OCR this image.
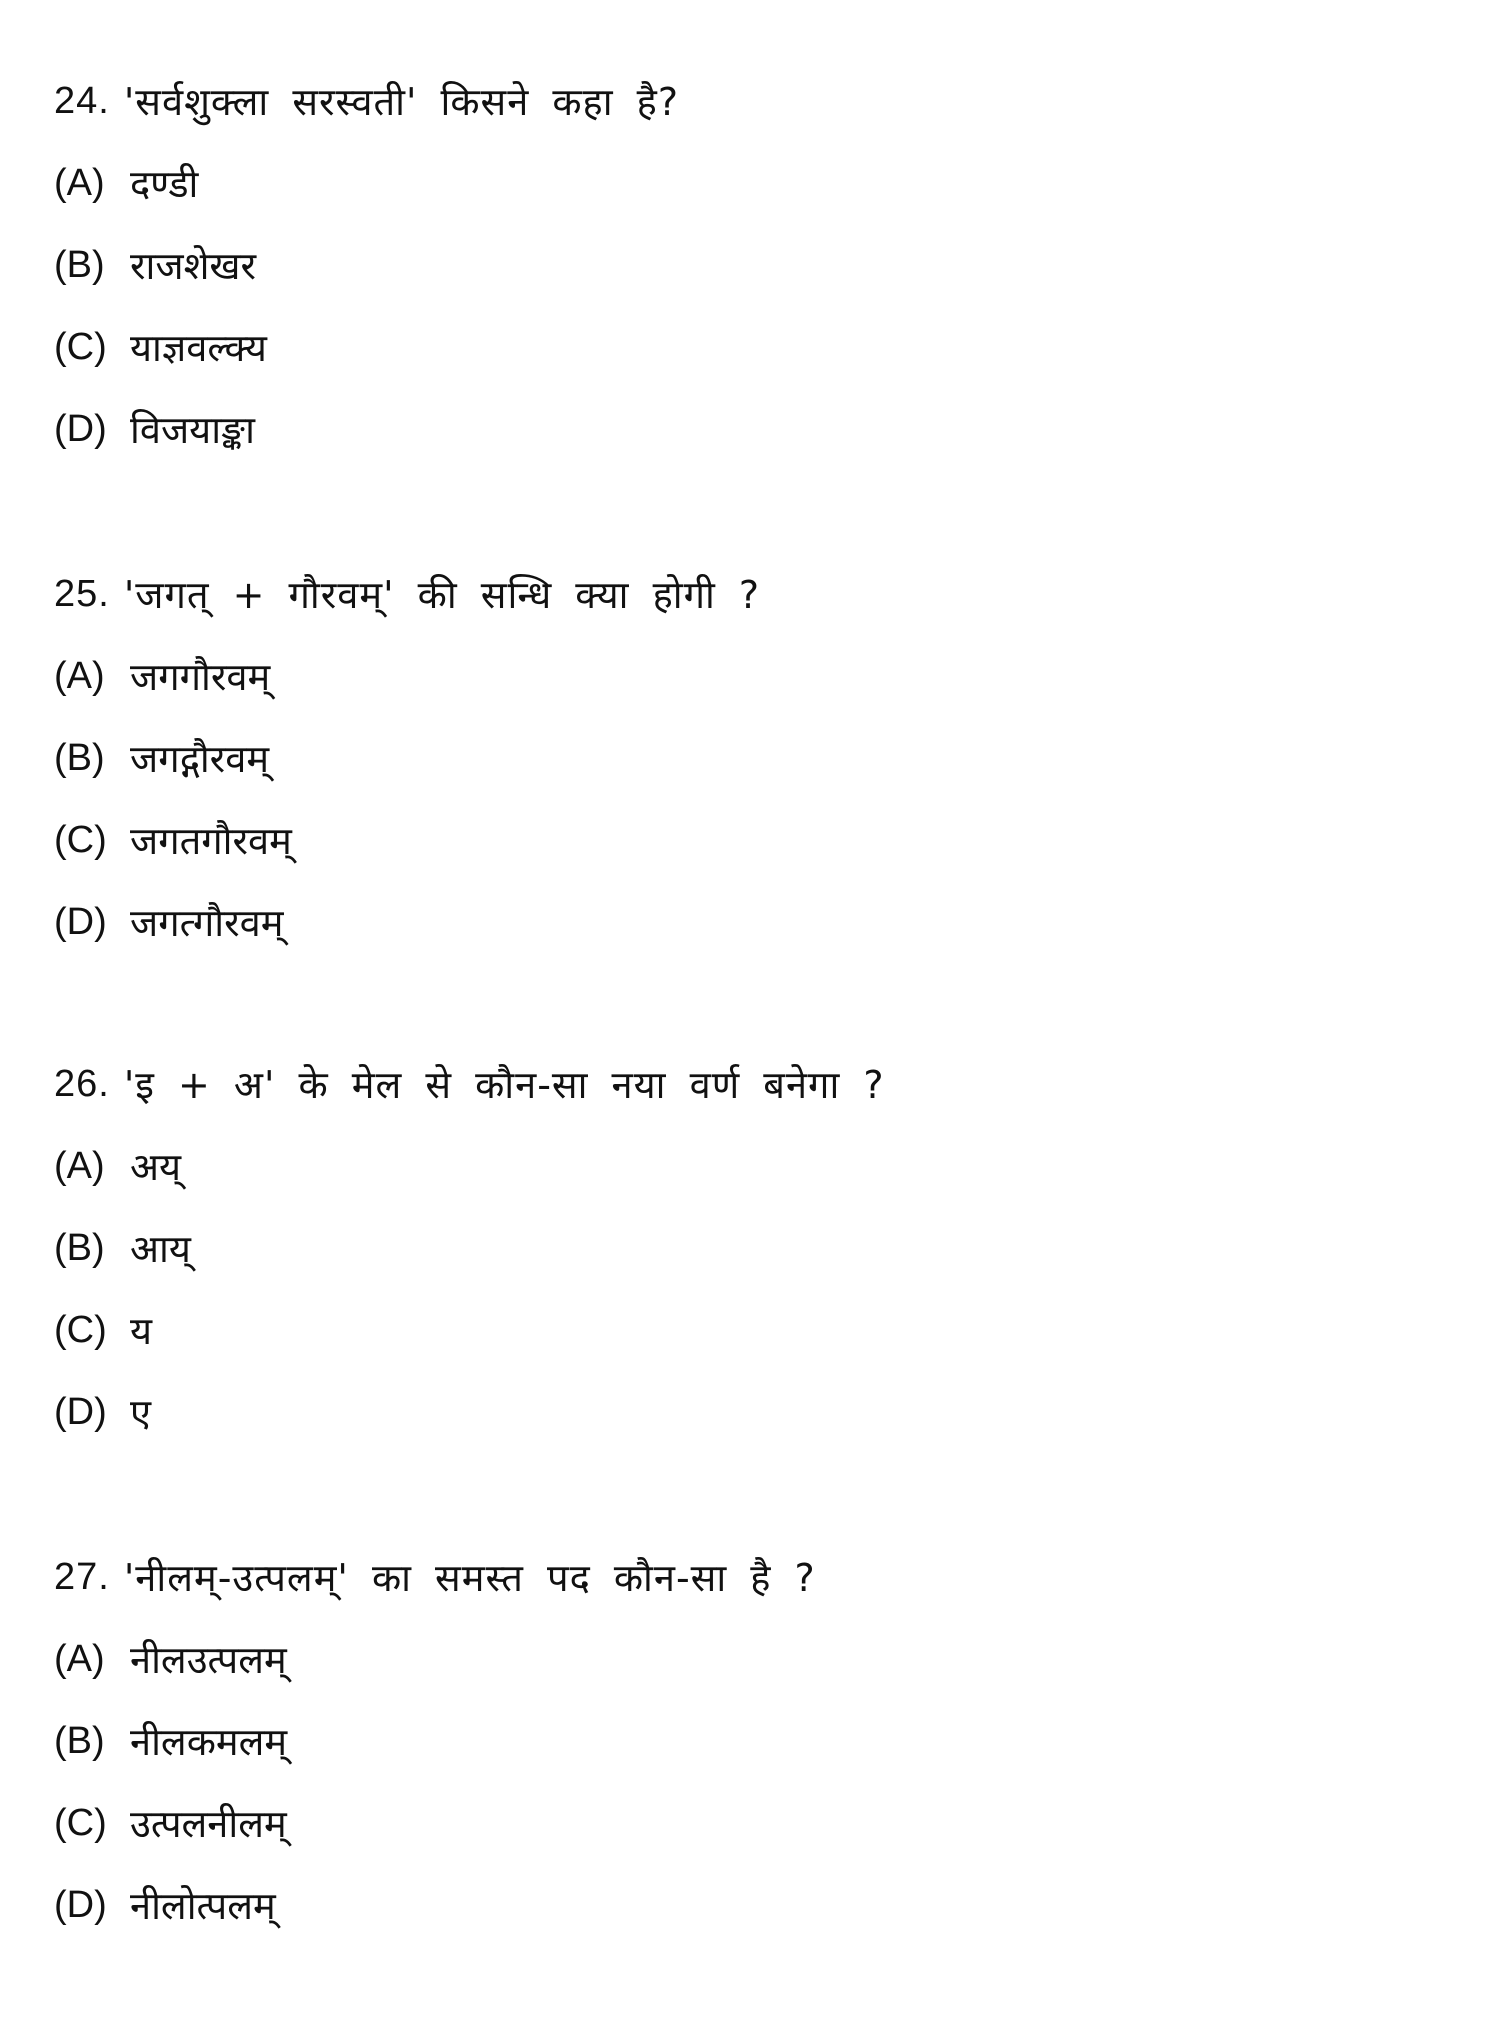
24. 'सर्वशुक्ला सरस्वती' किसने कहा है?
(A) दण्डी
(B) राजशेखर
(C) याज्ञवल्क्य
(D) विजयाङ्का
25. 'जगत् + गौरवम्' की सन्धि क्या होगी ?
(A) जगगौरवम्
(B) जगद्गौरवम्
(C) जगतगौरवम्
(D) जगत्गौरवम्
26. 'इ + अ' के मेल से कौन-सा नया वर्ण बनेगा ?
(A) अय्
(B) आय्
(C) य
(D) ए
27. 'नीलम्-उत्पलम्' का समस्त पद कौन-सा है ?
(A) नीलउत्पलम्
(B) नीलकमलम्
(C) उत्पलनीलम्
(D) नीलोत्पलम्
